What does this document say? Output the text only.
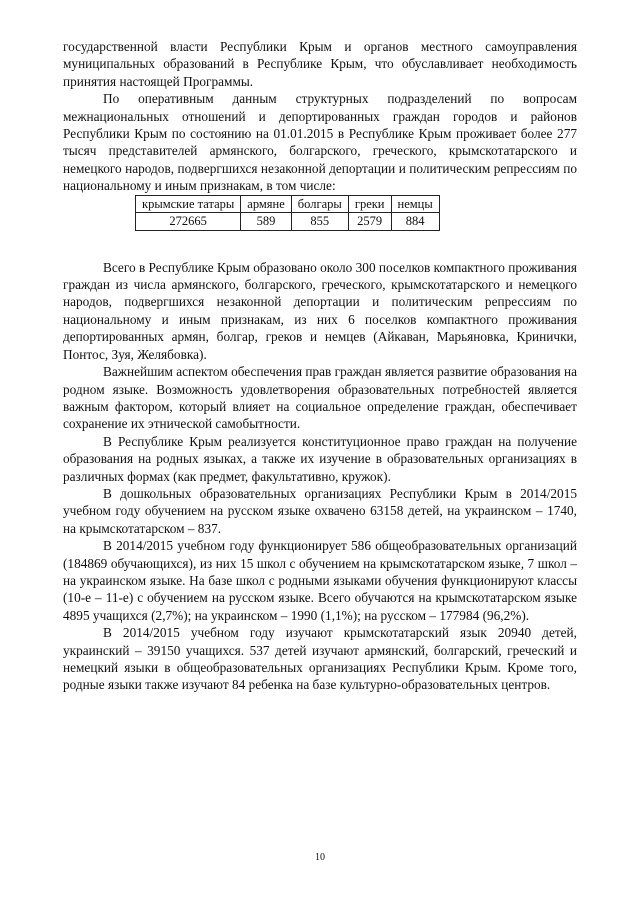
государственной власти Республики Крым и органов местного самоуправления муниципальных образований в Республике Крым, что обуславливает необходимость принятия настоящей Программы.

По оперативным данным структурных подразделений по вопросам межнациональных отношений и депортированных граждан городов и районов Республики Крым по состоянию на 01.01.2015 в Республике Крым проживает более 277 тысяч представителей армянского, болгарского, греческого, крымскотатарского и немецкого народов, подвергшихся незаконной депортации и политическим репрессиям по национальному и иным признакам, в том числе:

крымские татары	армяне	болгары	греки	немцы
272665	589	855	2579	884

Всего в Республике Крым образовано около 300 поселков компактного проживания граждан из числа армянского, болгарского, греческого, крымскотатарского и немецкого народов, подвергшихся незаконной депортации и политическим репрессиям по национальному и иным признакам, из них 6 поселков компактного проживания депортированных армян, болгар, греков и немцев (Айкаван, Марьяновка, Кринички, Понтос, Зуя, Желябовка).

Важнейшим аспектом обеспечения прав граждан является развитие образования на родном языке. Возможность удовлетворения образовательных потребностей является важным фактором, который влияет на социальное определение граждан, обеспечивает сохранение их этнической самобытности.

В Республике Крым реализуется конституционное право граждан на получение образования на родных языках, а также их изучение в образовательных организациях в различных формах (как предмет, факультативно, кружок).

В дошкольных образовательных организациях Республики Крым в 2014/2015 учебном году обучением на русском языке охвачено 63158 детей, на украинском – 1740, на крымскотатарском – 837.

В 2014/2015 учебном году функционирует 586 общеобразовательных организаций (184869 обучающихся), из них 15 школ с обучением на крымскотатарском языке, 7 школ – на украинском языке. На базе школ с родными языками обучения функционируют классы (10-е – 11-е) с обучением на русском языке. Всего обучаются на крымскотатарском языке 4895 учащихся (2,7%); на украинском – 1990 (1,1%); на русском – 177984 (96,2%).

В 2014/2015 учебном году изучают крымскотатарский язык 20940 детей, украинский – 39150 учащихся. 537 детей изучают армянский, болгарский, греческий и немецкий языки в общеобразовательных организациях Республики Крым. Кроме того, родные языки также изучают 84 ребенка на базе культурно-образовательных центров.

10
